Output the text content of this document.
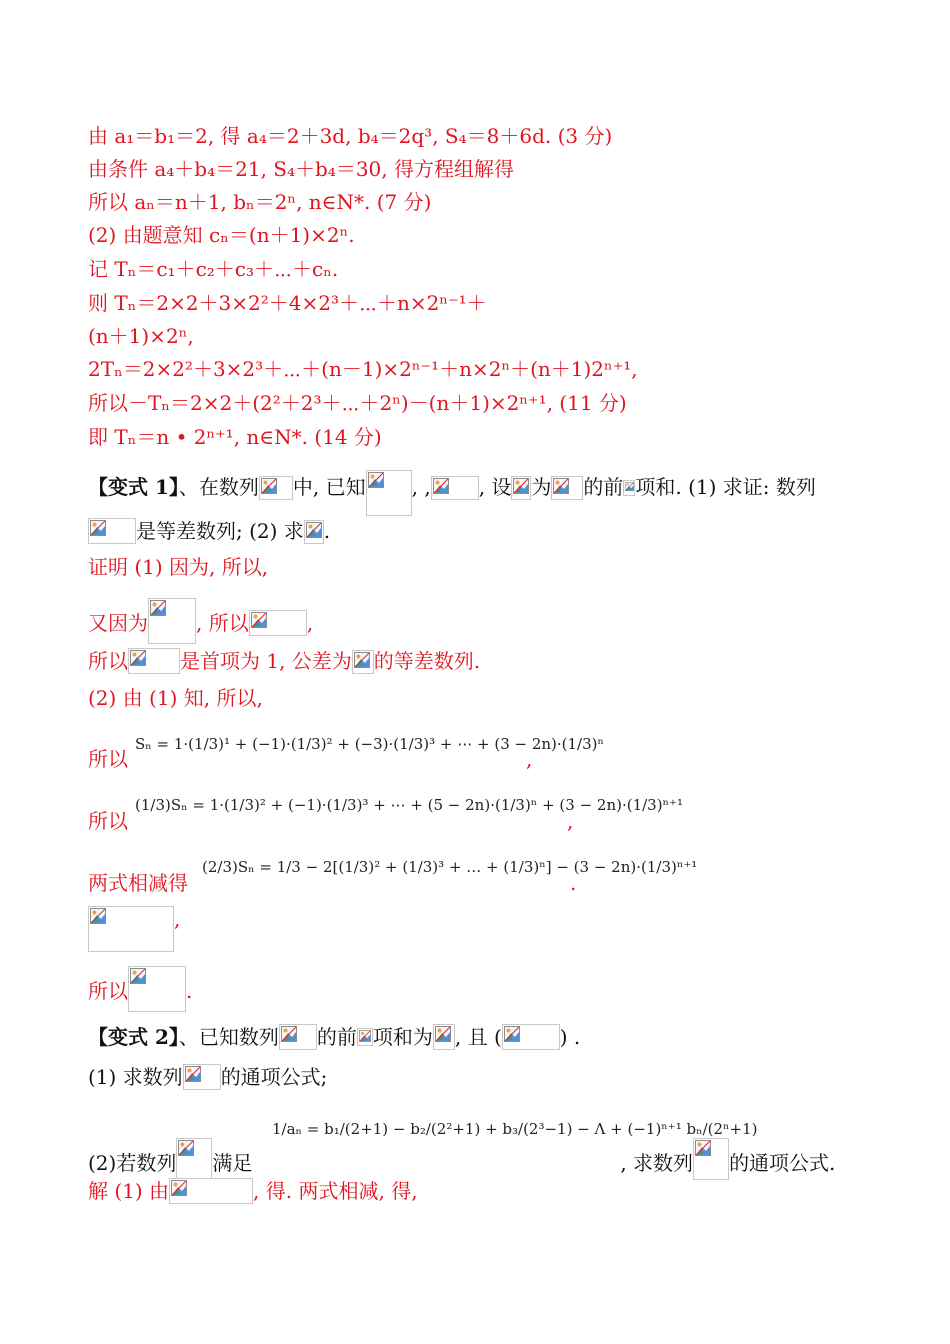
由 a₁＝b₁＝2, 得 a₄＝2＋3d, b₄＝2q³, S₄＝8＋6d. (3 分)
由条件 a₄＋b₄＝21, S₄＋b₄＝30, 得方程组解得
所以 aₙ＝n＋1, bₙ＝2ⁿ, n∈N*. (7 分)
(2) 由题意知 cₙ＝(n＋1)×2ⁿ.
记 Tₙ＝c₁＋c₂＋c₃＋⋯＋cₙ.
则 Tₙ＝2×2＋3×2²＋4×2³＋⋯＋n×2ⁿ⁻¹＋
(n＋1)×2ⁿ,
2Tₙ＝2×2²＋3×2³＋⋯＋(n－1)×2ⁿ⁻¹＋n×2ⁿ＋(n＋1)2ⁿ⁺¹,
所以－Tₙ＝2×2＋(2²＋2³＋⋯＋2ⁿ)－(n＋1)×2ⁿ⁺¹, (11 分)
即 Tₙ＝n • 2ⁿ⁺¹, n∈N*. (14 分)
【变式 1】、在数列 中, 已知 , , , 设 为 的前 项和. (1) 求证: 数列
是等差数列; (2) 求 .
证明 (1) 因为, 所以,
又因为 , 所以	,
所以	是首项为 1, 公差为 的等差数列.
(2) 由 (1) 知, 所以,
所以
Sₙ = 1·(1/3)¹ + (−1)·(1/3)² + (−3)·(1/3)³ + ⋯ + (3 − 2n)·(1/3)ⁿ
,
所以
(1/3)Sₙ = 1·(1/3)² + (−1)·(1/3)³ + ⋯ + (5 − 2n)·(1/3)ⁿ + (3 − 2n)·(1/3)ⁿ⁺¹
,
两式相减得
(2/3)Sₙ = 1/3 − 2[(1/3)² + (1/3)³ + … + (1/3)ⁿ] − (3 − 2n)·(1/3)ⁿ⁺¹
.
,
所以	.
【变式 2】、已知数列 的前 项和为 , 且 (	) .
(1) 求数列 的通项公式;
(2)若数列 满足	, 求数列 的通项公式.
1/aₙ = b₁/(2+1) − b₂/(2²+1) + b₃/(2³−1) − Λ + (−1)ⁿ⁺¹ bₙ/(2ⁿ+1)
解 (1) 由	, 得. 两式相减, 得,
